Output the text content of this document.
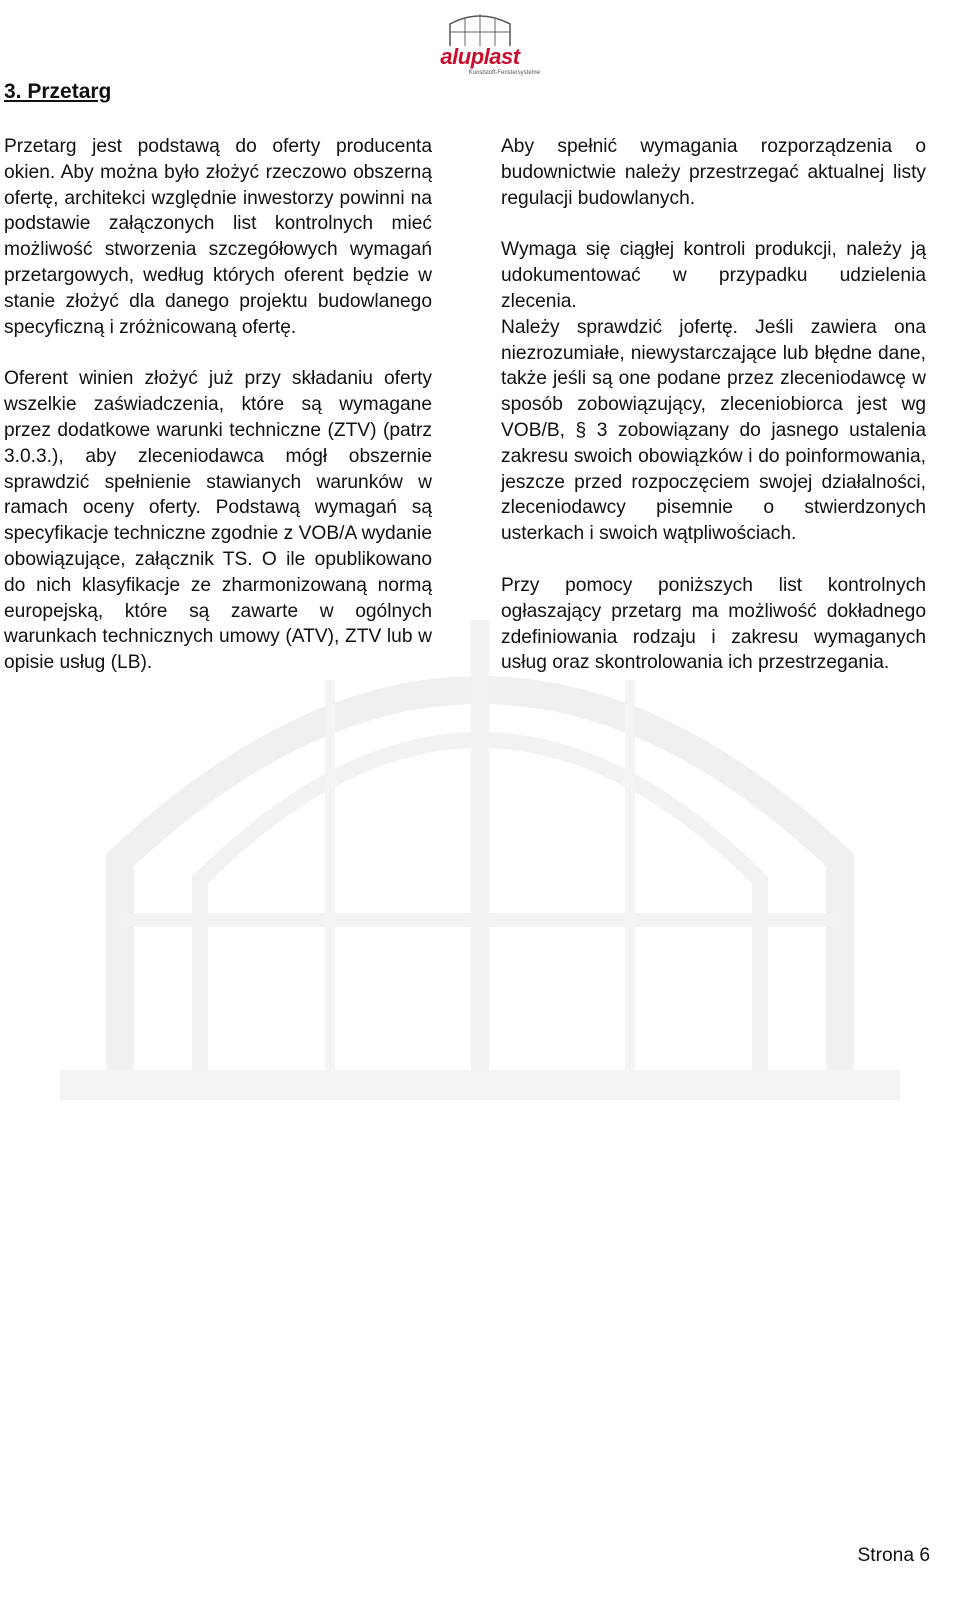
aluplast
Kunststoff-Fenstersysteme
3. Przetarg

Przetarg jest podstawą do oferty producenta okien. Aby można było złożyć rzeczowo obszerną ofertę, architekci względnie inwestorzy powinni na podstawie załączonych list kontrolnych mieć możliwość stworzenia szczegółowych wymagań przetargowych, według których oferent będzie w stanie złożyć dla danego projektu budowlanego specyficzną i zróżnicowaną ofertę.

Oferent winien złożyć już przy składaniu oferty wszelkie zaświadczenia, które są wymagane przez dodatkowe warunki techniczne (ZTV) (patrz 3.0.3.), aby zleceniodawca mógł obszernie sprawdzić spełnienie stawianych warunków w ramach oceny oferty. Podstawą wymagań są specyfikacje techniczne zgodnie z VOB/A wydanie obowiązujące, załącznik TS. O ile opublikowano do nich klasyfikacje ze zharmonizowaną normą europejską, które są zawarte w ogólnych warunkach technicznych umowy (ATV), ZTV lub w opisie usług (LB).

Aby spełnić wymagania rozporządzenia o budownictwie należy przestrzegać aktualnej listy regulacji budowlanych.

Wymaga się ciągłej kontroli produkcji, należy ją udokumentować w przypadku udzielenia zlecenia.

Należy sprawdzić jofertę. Jeśli zawiera ona niezrozumiałe, niewystarczające lub błędne dane, także jeśli są one podane przez zleceniodawcę w sposób zobowiązujący, zleceniobiorca jest wg VOB/B, § 3 zobowiązany do jasnego ustalenia zakresu swoich obowiązków i do poinformowania, jeszcze przed rozpoczęciem swojej działalności, zleceniodawcy pisemnie o stwierdzonych usterkach i swoich wątpliwościach.

Przy pomocy poniższych list kontrolnych ogłaszający przetarg ma możliwość dokładnego zdefiniowania rodzaju i zakresu wymaganych usług oraz skontrolowania ich przestrzegania.

Strona 6
